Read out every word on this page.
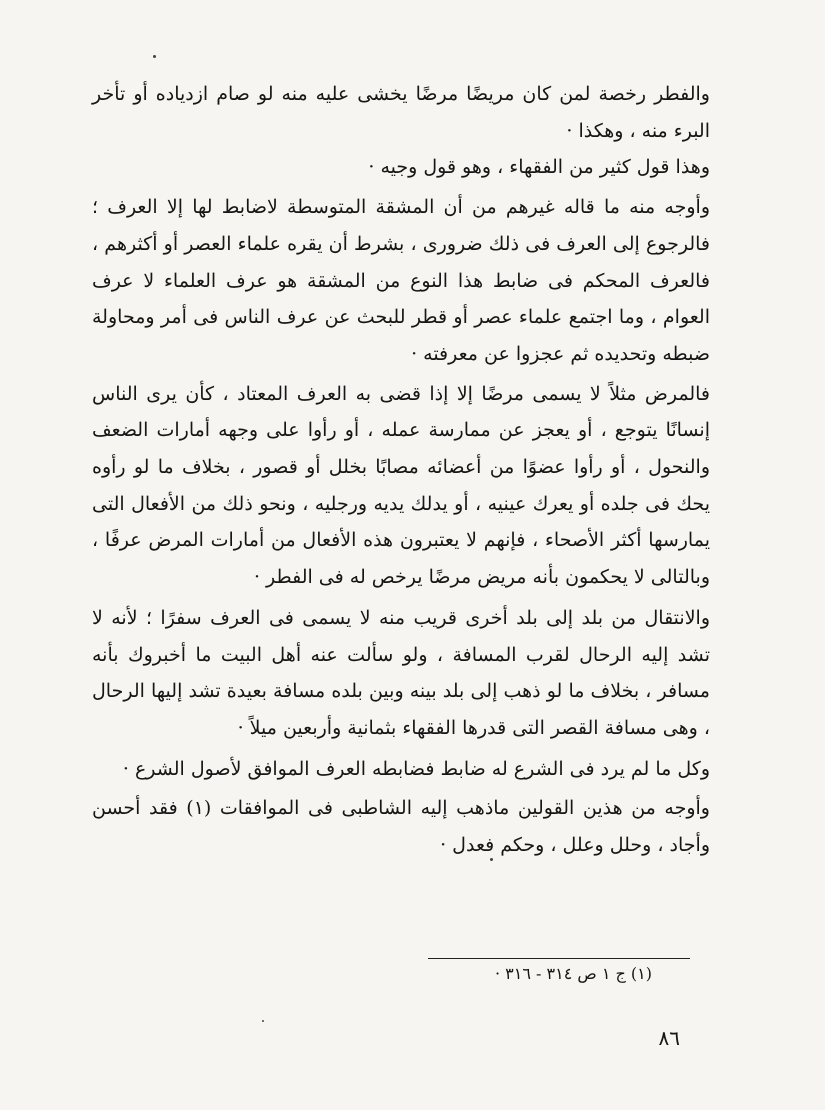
والفطر رخصة لمن كان مريضًا مرضًا يخشى عليه منه لو صام ازدياده أو تأخر البرء منه ، وهكذا ·

وهذا قول كثير من الفقهاء ، وهو قول وجيه ·

وأوجه منه ما قاله غيرهم من أن المشقة المتوسطة لاضابط لها إلا العرف ؛ فالرجوع إلى العرف فى ذلك ضرورى ، بشرط أن يقره علماء العصر أو أكثرهم ، فالعرف المحكم فى ضابط هذا النوع من المشقة هو عرف العلماء لا عرف العوام ، وما اجتمع علماء عصر أو قطر للبحث عن عرف الناس فى أمر ومحاولة ضبطه وتحديده ثم عجزوا عن معرفته ·

فالمرض مثلاً لا يسمى مرضًا إلا إذا قضى به العرف المعتاد ، كأن يرى الناس إنسانًا يتوجع ، أو يعجز عن ممارسة عمله ، أو رأوا على وجهه أمارات الضعف والنحول ، أو رأوا عضوًا من أعضائه مصابًا بخلل أو قصور ، بخلاف ما لو رأوه يحك فى جلده أو يعرك عينيه ، أو يدلك يديه ورجليه ، ونحو ذلك من الأفعال التى يمارسها أكثر الأصحاء ، فإنهم لا يعتبرون هذه الأفعال من أمارات المرض عرفًا ، وبالتالى لا يحكمون بأنه مريض مرضًا يرخص له فى الفطر ·

والانتقال من بلد إلى بلد أخرى قريب منه لا يسمى فى العرف سفرًا ؛ لأنه لا تشد إليه الرحال لقرب المسافة ، ولو سألت عنه أهل البيت ما أخبروك بأنه مسافر ، بخلاف ما لو ذهب إلى بلد بينه وبين بلده مسافة بعيدة تشد إليها الرحال ، وهى مسافة القصر التى قدرها الفقهاء بثمانية وأربعين ميلاً ·

وكل ما لم يرد فى الشرع له ضابط فضابطه العرف الموافق لأصول الشرع ·

وأوجه من هذين القولين ماذهب إليه الشاطبى فى الموافقات (١) فقد أحسن وأجاد ، وحلل وعلل ، وحكم فعدل ·

(١) ج ١ ص ٣١٤ - ٣١٦ ·
٨٦
